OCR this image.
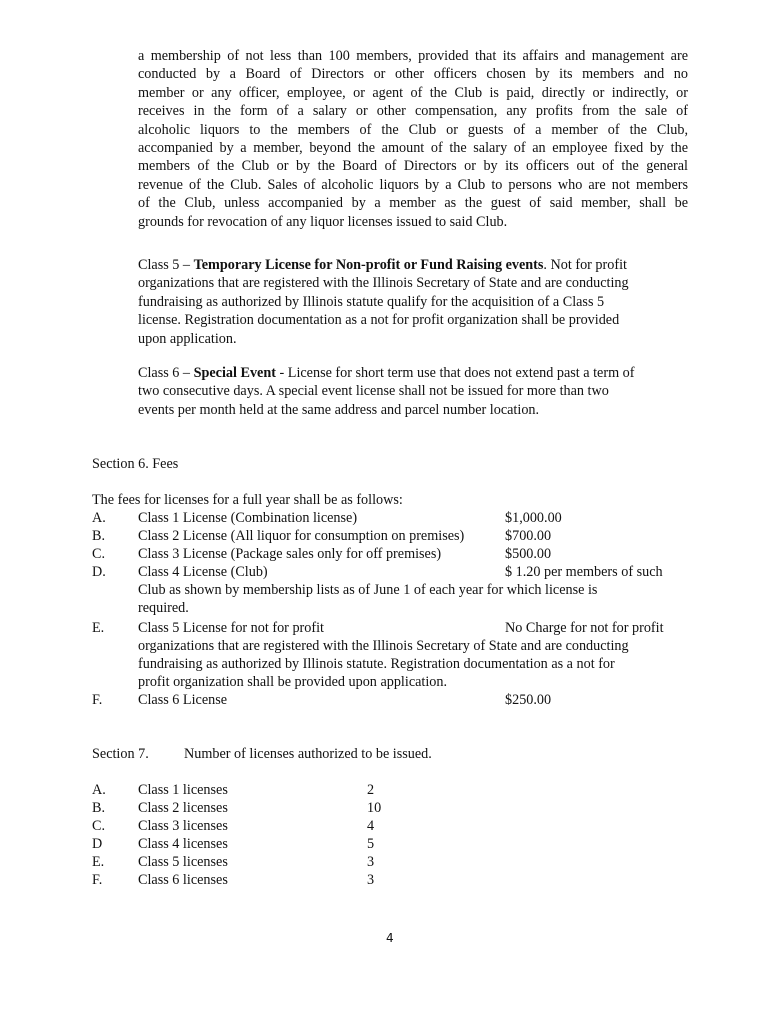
a membership of not less than 100 members, provided that its affairs and management are
conducted by a Board of Directors or other officers chosen by its members and no
member or any officer, employee, or agent of the Club is paid, directly or indirectly, or
receives in the form of a salary or other compensation, any profits from the sale of
alcoholic liquors to the members of the Club or guests of a member of the Club,
accompanied by a member, beyond the amount of the salary of an employee fixed by the
members of the Club or by the Board of Directors or by its officers out of the general
revenue of the Club. Sales of alcoholic liquors by a Club to persons who are not members
of the Club, unless accompanied by a member as the guest of said member, shall be
grounds for revocation of any liquor licenses issued to said Club.
Class 5 – Temporary License for Non-profit or Fund Raising events. Not for profit
organizations that are registered with the Illinois Secretary of State and are conducting
fundraising as authorized by Illinois statute qualify for the acquisition of a Class 5
license. Registration documentation as a not for profit organization shall be provided
upon application.
Class 6 – Special Event - License for short term use that does not extend past a term of
two consecutive days. A special event license shall not be issued for more than two
events per month held at the same address and parcel number location.
Section 6. Fees
The fees for licenses for a full year shall be as follows:
A. Class 1 License (Combination license)	$1,000.00
B. Class 2 License (All liquor for consumption on premises)	$700.00
C. Class 3 License (Package sales only for off premises)	$500.00
D. Class 4 License (Club)	$ 1.20 per members of such
Club as shown by membership lists as of June 1 of each year for which license is
required.
E. Class 5 License for not for profit	No Charge for not for profit
organizations that are registered with the Illinois Secretary of State and are conducting
fundraising as authorized by Illinois statute. Registration documentation as a not for
profit organization shall be provided upon application.
F.	Class 6 License	$250.00
Section 7. Number of licenses authorized to be issued.
A. Class 1 licenses	2
B. Class 2 licenses	10
C. Class 3 licenses	4
D	Class 4 licenses	5
E. Class 5 licenses	3
F.	Class 6 licenses	3
4
